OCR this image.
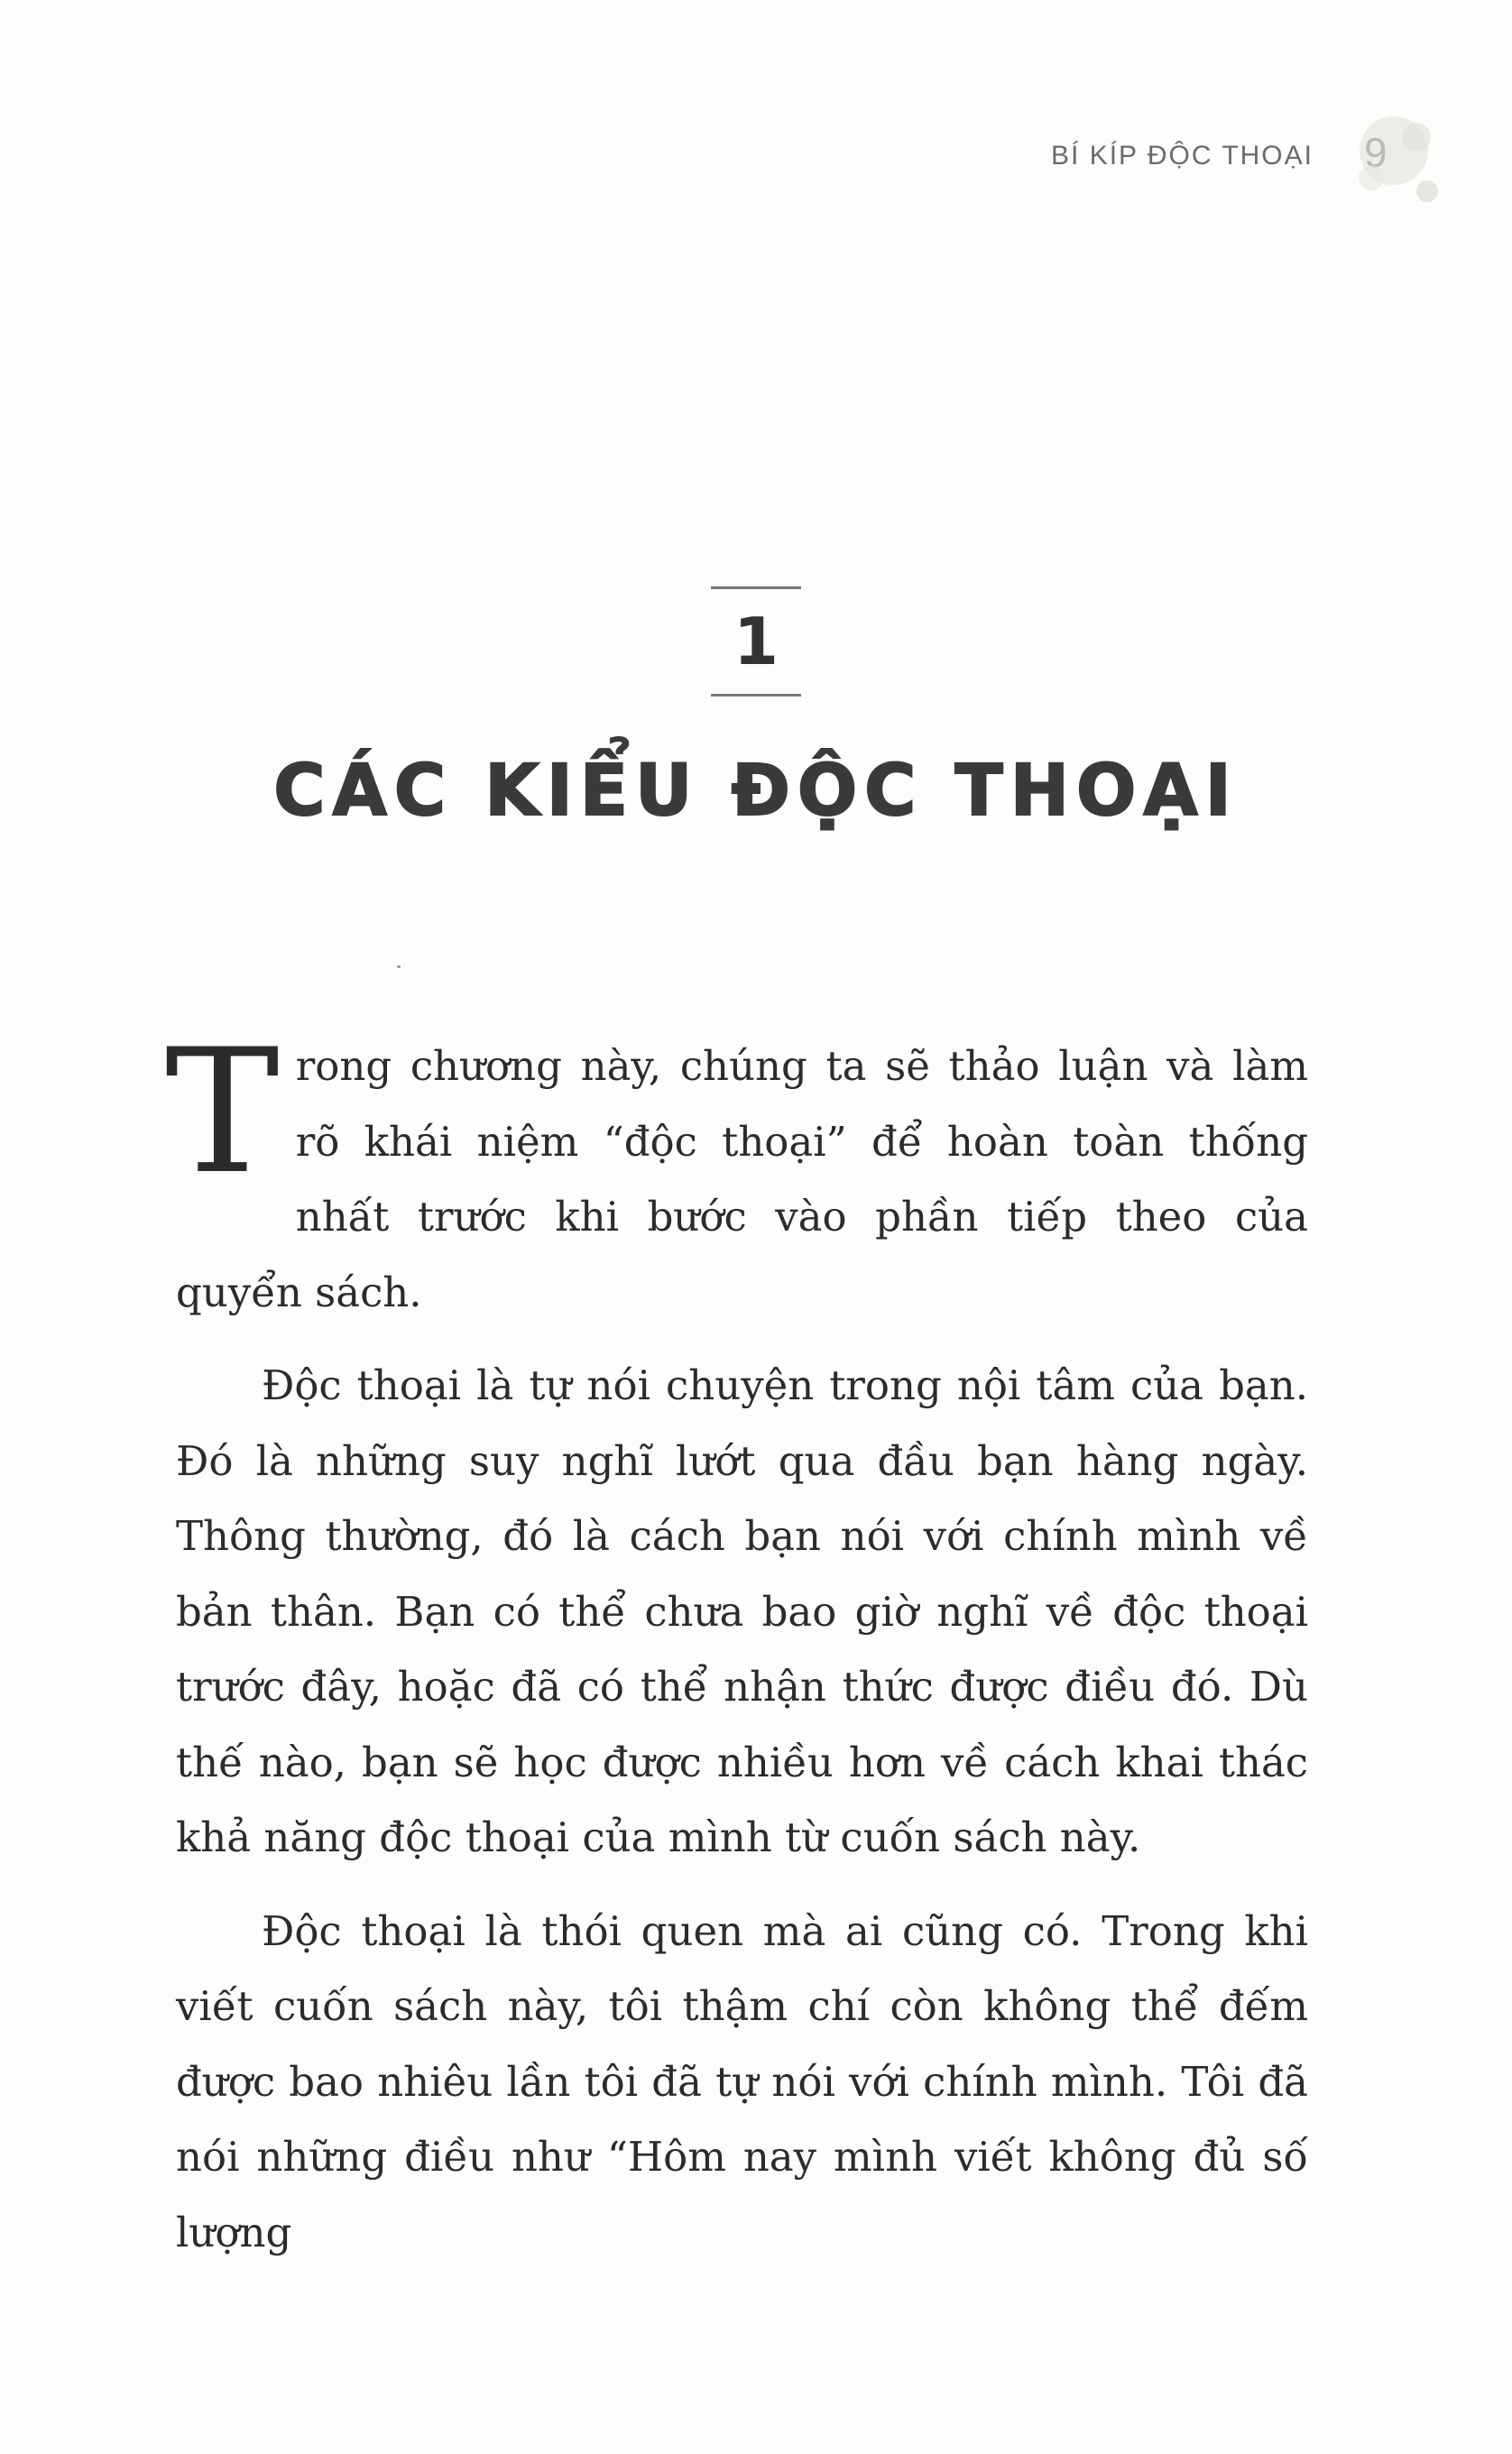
BÍ KÍP ĐỘC THOẠI
1
CÁC KIỂU ĐỘC THOẠI

Trong chương này, chúng ta sẽ thảo luận và làm rõ khái niệm “độc thoại” để hoàn toàn thống nhất trước khi bước vào phần tiếp theo của quyển sách.

Độc thoại là tự nói chuyện trong nội tâm của bạn. Đó là những suy nghĩ lướt qua đầu bạn hàng ngày. Thông thường, đó là cách bạn nói với chính mình về bản thân. Bạn có thể chưa bao giờ nghĩ về độc thoại trước đây, hoặc đã có thể nhận thức được điều đó. Dù thế nào, bạn sẽ học được nhiều hơn về cách khai thác khả năng độc thoại của mình từ cuốn sách này.

Độc thoại là thói quen mà ai cũng có. Trong khi viết cuốn sách này, tôi thậm chí còn không thể đếm được bao nhiêu lần tôi đã tự nói với chính mình. Tôi đã nói những điều như “Hôm nay mình viết không đủ số lượng
